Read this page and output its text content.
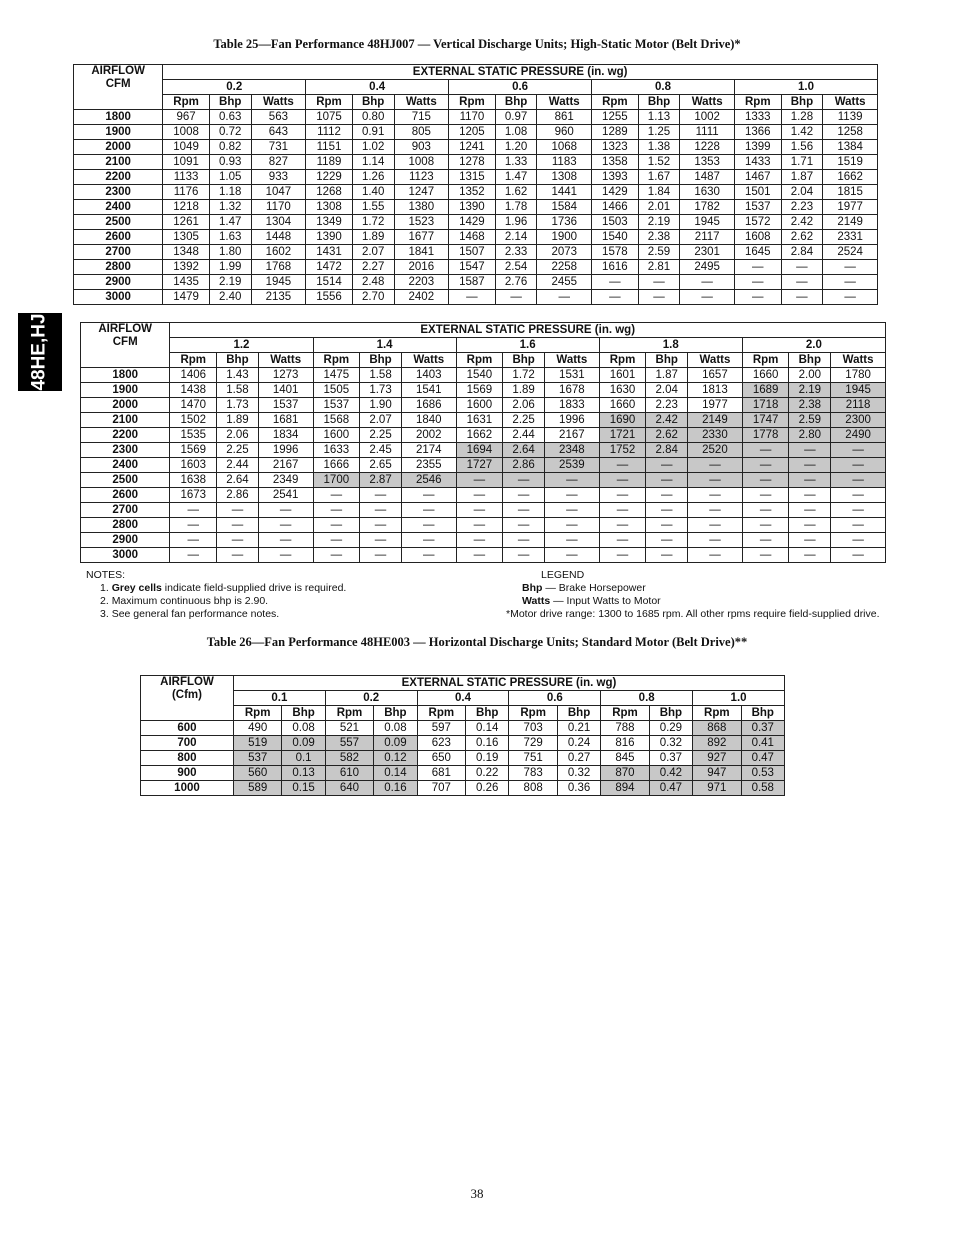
48HE,HJ
Table 25—Fan Performance 48HJ007 — Vertical Discharge Units; High-Static Motor (Belt Drive)*
AIRFLOW
CFM	EXTERNAL STATIC PRESSURE (in. wg)														
	0.2			0.4			0.6			0.8			1.0		
	Rpm	Bhp	Watts	Rpm	Bhp	Watts	Rpm	Bhp	Watts	Rpm	Bhp	Watts	Rpm	Bhp	Watts
1800	967	0.63	563	1075	0.80	715	1170	0.97	861	1255	1.13	1002	1333	1.28	1139
1900	1008	0.72	643	1112	0.91	805	1205	1.08	960	1289	1.25	1111	1366	1.42	1258
2000	1049	0.82	731	1151	1.02	903	1241	1.20	1068	1323	1.38	1228	1399	1.56	1384
2100	1091	0.93	827	1189	1.14	1008	1278	1.33	1183	1358	1.52	1353	1433	1.71	1519
2200	1133	1.05	933	1229	1.26	1123	1315	1.47	1308	1393	1.67	1487	1467	1.87	1662
2300	1176	1.18	1047	1268	1.40	1247	1352	1.62	1441	1429	1.84	1630	1501	2.04	1815
2400	1218	1.32	1170	1308	1.55	1380	1390	1.78	1584	1466	2.01	1782	1537	2.23	1977
2500	1261	1.47	1304	1349	1.72	1523	1429	1.96	1736	1503	2.19	1945	1572	2.42	2149
2600	1305	1.63	1448	1390	1.89	1677	1468	2.14	1900	1540	2.38	2117	1608	2.62	2331
2700	1348	1.80	1602	1431	2.07	1841	1507	2.33	2073	1578	2.59	2301	1645	2.84	2524
2800	1392	1.99	1768	1472	2.27	2016	1547	2.54	2258	1616	2.81	2495	—	—	—
2900	1435	2.19	1945	1514	2.48	2203	1587	2.76	2455	—	—	—	—	—	—
3000	1479	2.40	2135	1556	2.70	2402	—	—	—	—	—	—	—	—	—
AIRFLOW
CFM	EXTERNAL STATIC PRESSURE (in. wg)														
	1.2			1.4			1.6			1.8			2.0		
	Rpm	Bhp	Watts	Rpm	Bhp	Watts	Rpm	Bhp	Watts	Rpm	Bhp	Watts	Rpm	Bhp	Watts
1800	1406	1.43	1273	1475	1.58	1403	1540	1.72	1531	1601	1.87	1657	1660	2.00	1780
1900	1438	1.58	1401	1505	1.73	1541	1569	1.89	1678	1630	2.04	1813	1689	2.19	1945
2000	1470	1.73	1537	1537	1.90	1686	1600	2.06	1833	1660	2.23	1977	1718	2.38	2118
2100	1502	1.89	1681	1568	2.07	1840	1631	2.25	1996	1690	2.42	2149	1747	2.59	2300
2200	1535	2.06	1834	1600	2.25	2002	1662	2.44	2167	1721	2.62	2330	1778	2.80	2490
2300	1569	2.25	1996	1633	2.45	2174	1694	2.64	2348	1752	2.84	2520	—	—	—
2400	1603	2.44	2167	1666	2.65	2355	1727	2.86	2539	—	—	—	—	—	—
2500	1638	2.64	2349	1700	2.87	2546	—	—	—	—	—	—	—	—	—
2600	1673	2.86	2541	—	—	—	—	—	—	—	—	—	—	—	—
2700	—	—	—	—	—	—	—	—	—	—	—	—	—	—	—
2800	—	—	—	—	—	—	—	—	—	—	—	—	—	—	—
2900	—	—	—	—	—	—	—	—	—	—	—	—	—	—	—
3000	—	—	—	—	—	—	—	—	—	—	—	—	—	—	—
NOTES:
1. Grey cells indicate field-supplied drive is required.
2. Maximum continuous bhp is 2.90.
3. See general fan performance notes.
LEGEND
Bhp — Brake Horsepower
Watts — Input Watts to Motor
*Motor drive range: 1300 to 1685 rpm. All other rpms require field-supplied drive.
Table 26—Fan Performance 48HE003 — Horizontal Discharge Units; Standard Motor (Belt Drive)**
AIRFLOW
(Cfm)	EXTERNAL STATIC PRESSURE (in. wg)											
	0.1		0.2		0.4		0.6		0.8		1.0	
	Rpm	Bhp	Rpm	Bhp	Rpm	Bhp	Rpm	Bhp	Rpm	Bhp	Rpm	Bhp
600	490	0.08	521	0.08	597	0.14	703	0.21	788	0.29	868	0.37
700	519	0.09	557	0.09	623	0.16	729	0.24	816	0.32	892	0.41
800	537	0.1	582	0.12	650	0.19	751	0.27	845	0.37	927	0.47
900	560	0.13	610	0.14	681	0.22	783	0.32	870	0.42	947	0.53
1000	589	0.15	640	0.16	707	0.26	808	0.36	894	0.47	971	0.58
38
